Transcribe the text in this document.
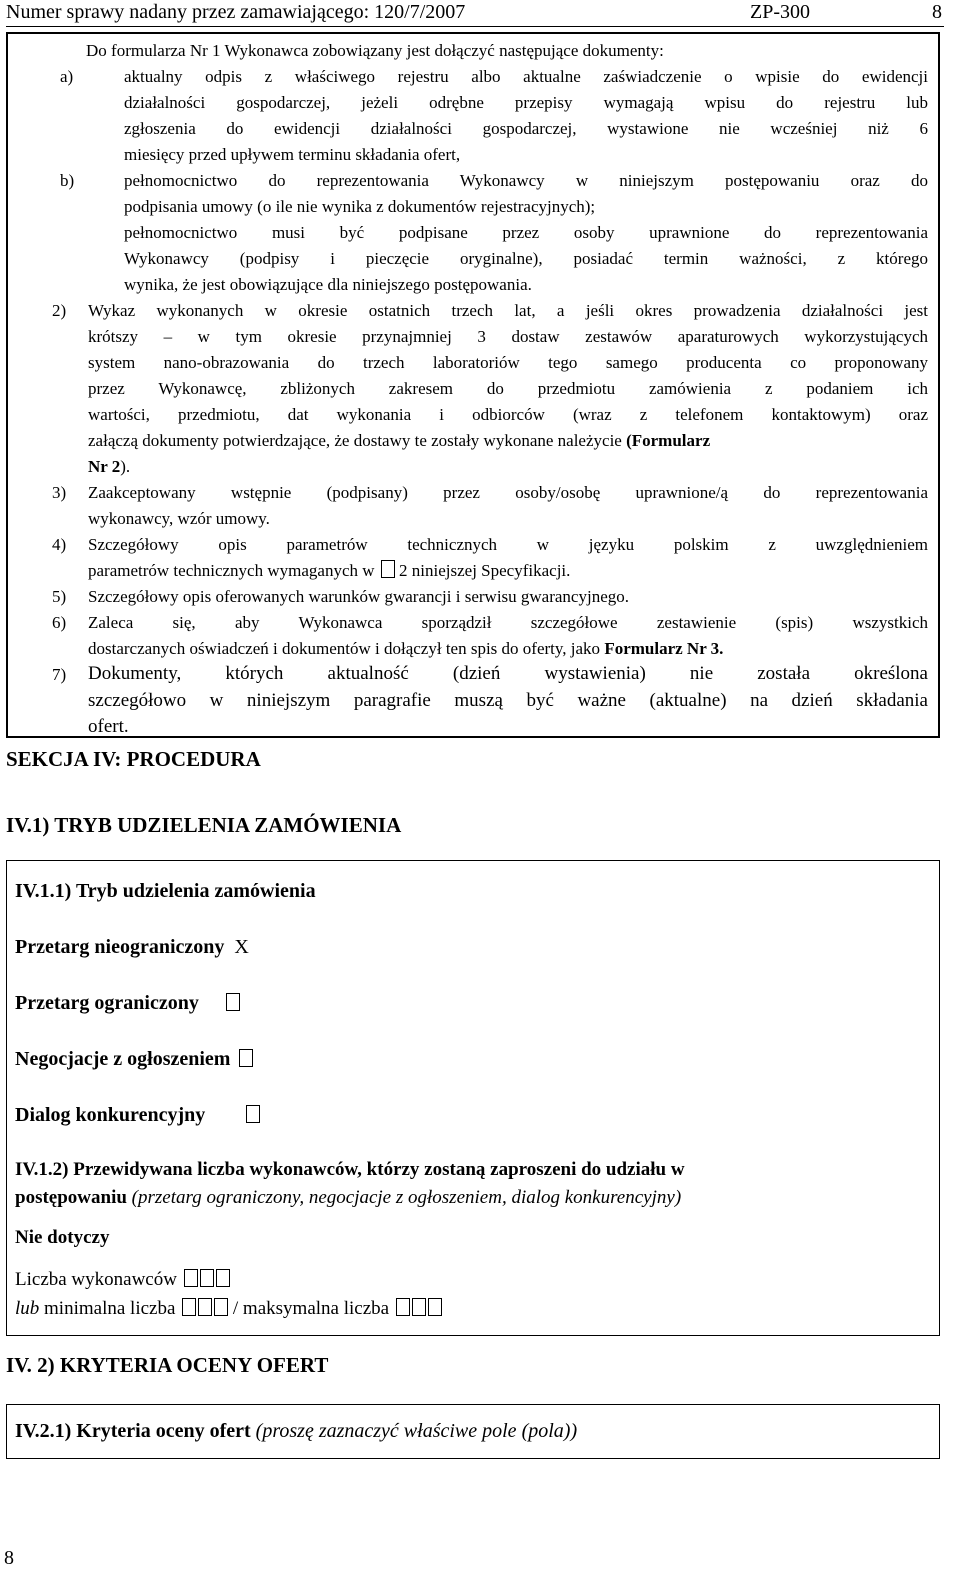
Numer sprawy nadany przez zamawiającego: 120/7/2007	ZP-300	8
Do formularza Nr 1 Wykonawca zobowiązany jest dołączyć następujące dokumenty:
a)	aktualny odpis z właściwego rejestru albo aktualne zaświadczenie o wpisie do ewidencji
działalności gospodarczej, jeżeli odrębne przepisy wymagają wpisu do rejestru lub
zgłoszenia do ewidencji działalności gospodarczej, wystawione nie wcześniej niż 6
miesięcy przed upływem terminu składania ofert,
b)	pełnomocnictwo do reprezentowania Wykonawcy w niniejszym postępowaniu oraz do
podpisania umowy (o ile nie wynika z dokumentów rejestracyjnych);
pełnomocnictwo musi być podpisane przez osoby uprawnione do reprezentowania
Wykonawcy (podpisy i pieczęcie oryginalne), posiadać termin ważności, z którego
wynika, że jest obowiązujące dla niniejszego postępowania.
2) Wykaz wykonanych w okresie ostatnich trzech lat, a jeśli okres prowadzenia działalności jest
krótszy – w tym okresie przynajmniej 3 dostaw zestawów aparaturowych wykorzystujących
system nano-obrazowania do trzech laboratoriów tego samego producenta co proponowany
przez Wykonawcę, zbliżonych zakresem do przedmiotu zamówienia z podaniem ich
wartości, przedmiotu, dat wykonania i odbiorców (wraz z telefonem kontaktowym) oraz
załączą dokumenty potwierdzające, że dostawy te zostały wykonane należycie (Formularz
Nr 2).
3) Zaakceptowany wstępnie (podpisany) przez osoby/osobę uprawnione/ą do reprezentowania
wykonawcy, wzór umowy.
4) Szczegółowy opis parametrów technicznych w języku polskim z uwzględnieniem
parametrów technicznych wymaganych w 2 niniejszej Specyfikacji.
5) Szczegółowy opis oferowanych warunków gwarancji i serwisu gwarancyjnego.
6) Zaleca się, aby Wykonawca sporządził szczegółowe zestawienie (spis) wszystkich
dostarczanych oświadczeń i dokumentów i dołączył ten spis do oferty, jako Formularz Nr 3.
7) Dokumenty, których aktualność (dzień wystawienia) nie została określona
szczegółowo w niniejszym paragrafie muszą być ważne (aktualne) na dzień składania
ofert.
SEKCJA IV: PROCEDURA
IV.1) TRYB UDZIELENIA ZAMÓWIENIA
IV.1.1) Tryb udzielenia zamówienia
Przetarg nieograniczony X
Przetarg ograniczony
Negocjacje z ogłoszeniem
Dialog konkurencyjny
IV.1.2) Przewidywana liczba wykonawców, którzy zostaną zaproszeni do udziału w
postępowaniu (przetarg ograniczony, negocjacje z ogłoszeniem, dialog konkurencyjny)
Nie dotyczy
Liczba wykonawców
lub minimalna liczba	/ maksymalna liczba
IV. 2) KRYTERIA OCENY OFERT
IV.2.1) Kryteria oceny ofert (proszę zaznaczyć właściwe pole (pola))
8
